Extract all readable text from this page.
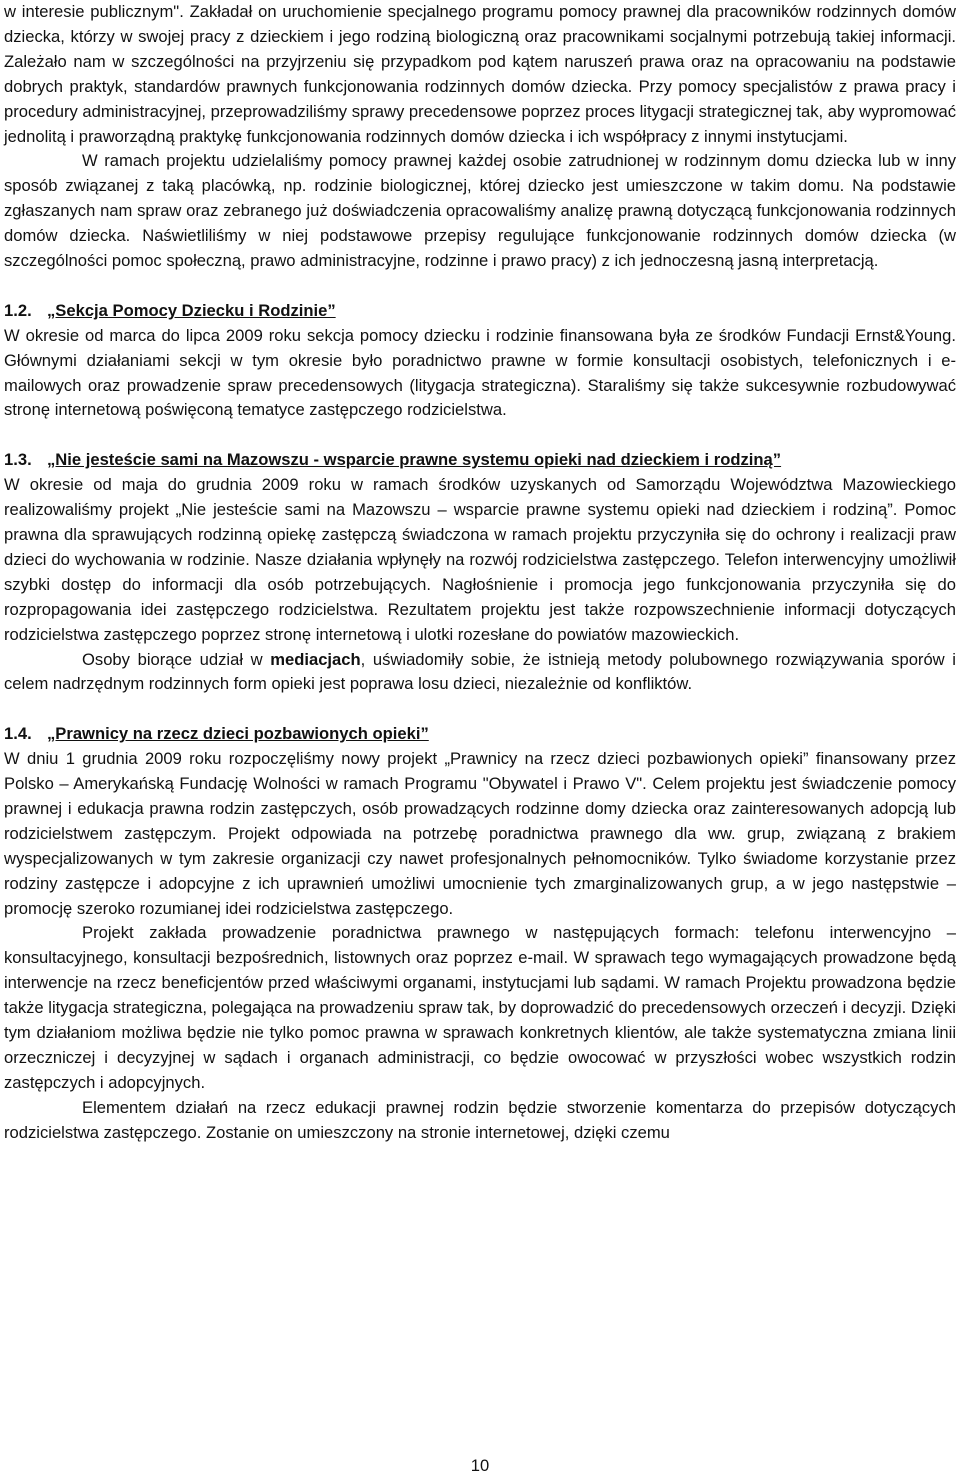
w interesie publicznym". Zakładał on uruchomienie specjalnego programu pomocy prawnej dla pracowników rodzinnych domów dziecka, którzy w swojej pracy z dzieckiem i jego rodziną biologiczną oraz pracownikami socjalnymi potrzebują takiej informacji. Zależało nam w szczególności na przyjrzeniu się przypadkom pod kątem naruszeń prawa oraz na opracowaniu na podstawie dobrych praktyk, standardów prawnych funkcjonowania rodzinnych domów dziecka. Przy pomocy specjalistów z prawa pracy i procedury administracyjnej, przeprowadziliśmy sprawy precedensowe poprzez proces litygacji strategicznej tak, aby wypromować jednolitą i praworządną praktykę funkcjonowania rodzinnych domów dziecka i ich współpracy z innymi instytucjami.

W ramach projektu udzielaliśmy pomocy prawnej każdej osobie zatrudnionej w rodzinnym domu dziecka lub w inny sposób związanej z taką placówką, np. rodzinie biologicznej, której dziecko jest umieszczone w takim domu. Na podstawie zgłaszanych nam spraw oraz zebranego już doświadczenia opracowaliśmy analizę prawną dotyczącą funkcjonowania rodzinnych domów dziecka. Naświetliliśmy w niej podstawowe przepisy regulujące funkcjonowanie rodzinnych domów dziecka (w szczególności pomoc społeczną, prawo administracyjne, rodzinne i prawo pracy) z ich jednoczesną jasną interpretacją.

1.2. „Sekcja Pomocy Dziecku i Rodzinie”

W okresie od marca do lipca 2009 roku sekcja pomocy dziecku i rodzinie finansowana była ze środków Fundacji Ernst&Young. Głównymi działaniami sekcji w tym okresie było poradnictwo prawne w formie konsultacji osobistych, telefonicznych i e-mailowych oraz prowadzenie spraw precedensowych (litygacja strategiczna). Staraliśmy się także sukcesywnie rozbudowywać stronę internetową poświęconą tematyce zastępczego rodzicielstwa.

1.3. „Nie jesteście sami na Mazowszu - wsparcie prawne systemu opieki nad dzieckiem i rodziną”

W okresie od maja do grudnia 2009 roku w ramach środków uzyskanych od Samorządu Województwa Mazowieckiego realizowaliśmy projekt „Nie jesteście sami na Mazowszu – wsparcie prawne systemu opieki nad dzieckiem i rodziną”. Pomoc prawna dla sprawujących rodzinną opiekę zastępczą świadczona w ramach projektu przyczyniła się do ochrony i realizacji praw dzieci do wychowania w rodzinie. Nasze działania wpłynęły na rozwój rodzicielstwa zastępczego. Telefon interwencyjny umożliwił szybki dostęp do informacji dla osób potrzebujących. Nagłośnienie i promocja jego funkcjonowania przyczyniła się do rozpropagowania idei zastępczego rodzicielstwa. Rezultatem projektu jest także rozpowszechnienie informacji dotyczących rodzicielstwa zastępczego poprzez stronę internetową i ulotki rozesłane do powiatów mazowieckich.

Osoby biorące udział w mediacjach, uświadomiły sobie, że istnieją metody polubownego rozwiązywania sporów i celem nadrzędnym rodzinnych form opieki jest poprawa losu dzieci, niezależnie od konfliktów.

1.4. „Prawnicy na rzecz dzieci pozbawionych opieki”

W dniu 1 grudnia 2009 roku rozpoczęliśmy nowy projekt „Prawnicy na rzecz dzieci pozbawionych opieki” finansowany przez Polsko – Amerykańską Fundację Wolności w ramach Programu "Obywatel i Prawo V". Celem projektu jest świadczenie pomocy prawnej i edukacja prawna rodzin zastępczych, osób prowadzących rodzinne domy dziecka oraz zainteresowanych adopcją lub rodzicielstwem zastępczym. Projekt odpowiada na potrzebę poradnictwa prawnego dla ww. grup, związaną z brakiem wyspecjalizowanych w tym zakresie organizacji czy nawet profesjonalnych pełnomocników. Tylko świadome korzystanie przez rodziny zastępcze i adopcyjne z ich uprawnień umożliwi umocnienie tych zmarginalizowanych grup, a w jego następstwie – promocję szeroko rozumianej idei rodzicielstwa zastępczego.

Projekt zakłada prowadzenie poradnictwa prawnego w następujących formach: telefonu interwencyjno – konsultacyjnego, konsultacji bezpośrednich, listownych oraz poprzez e-mail. W sprawach tego wymagających prowadzone będą interwencje na rzecz beneficjentów przed właściwymi organami, instytucjami lub sądami. W ramach Projektu prowadzona będzie także litygacja strategiczna, polegająca na prowadzeniu spraw tak, by doprowadzić do precedensowych orzeczeń i decyzji. Dzięki tym działaniom możliwa będzie nie tylko pomoc prawna w sprawach konkretnych klientów, ale także systematyczna zmiana linii orzeczniczej i decyzyjnej w sądach i organach administracji, co będzie owocować w przyszłości wobec wszystkich rodzin zastępczych i adopcyjnych.

Elementem działań na rzecz edukacji prawnej rodzin będzie stworzenie komentarza do przepisów dotyczących rodzicielstwa zastępczego. Zostanie on umieszczony na stronie internetowej, dzięki czemu

10
